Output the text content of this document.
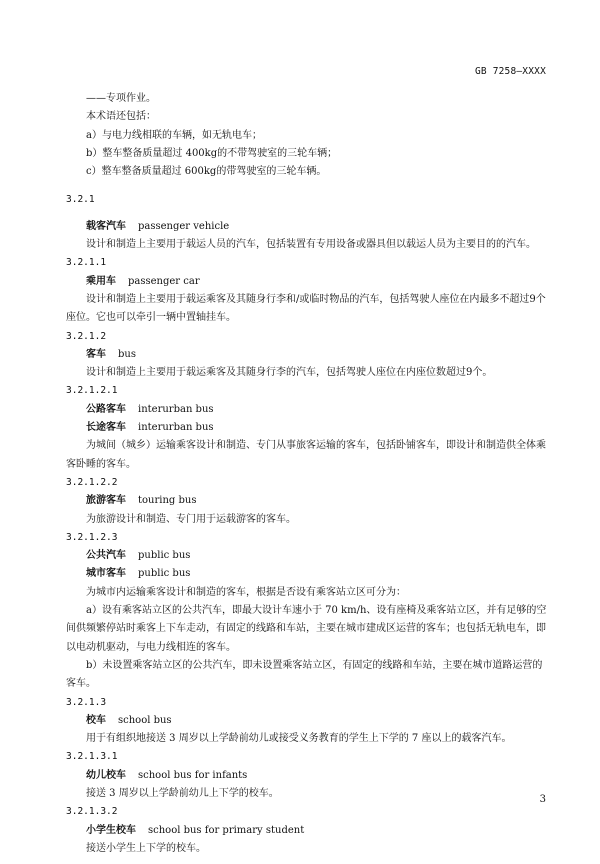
GB 7258—XXXX
——专项作业。
本术语还包括：
a）与电力线相联的车辆，如无轨电车；
b）整车整备质量超过 400kg的不带驾驶室的三轮车辆；
c）整车整备质量超过 600kg的带驾驶室的三轮车辆。
3.2.1
载客汽车 passenger vehicle
设计和制造上主要用于载运人员的汽车，包括装置有专用设备或器具但以载运人员为主要目的的汽车。
3.2.1.1
乘用车 passenger car
设计和制造上主要用于载运乘客及其随身行李和/或临时物品的汽车，包括驾驶人座位在内最多不超过9个座位。它也可以牵引一辆中置轴挂车。
3.2.1.2
客车 bus
设计和制造上主要用于载运乘客及其随身行李的汽车，包括驾驶人座位在内座位数超过9个。
3.2.1.2.1
公路客车 interurban bus
长途客车 interurban bus
为城间（城乡）运输乘客设计和制造、专门从事旅客运输的客车，包括卧铺客车，即设计和制造供全体乘客卧睡的客车。
3.2.1.2.2
旅游客车 touring bus
为旅游设计和制造、专门用于运载游客的客车。
3.2.1.2.3
公共汽车 public bus
城市客车 public bus
为城市内运输乘客设计和制造的客车，根据是否设有乘客站立区可分为：
a）设有乘客站立区的公共汽车，即最大设计车速小于 70 km/h、设有座椅及乘客站立区，并有足够的空间供频繁停站时乘客上下车走动，有固定的线路和车站，主要在城市建成区运营的客车；也包括无轨电车，即以电动机驱动，与电力线相连的客车。
b）未设置乘客站立区的公共汽车，即未设置乘客站立区，有固定的线路和车站，主要在城市道路运营的客车。
3.2.1.3
校车 school bus
用于有组织地接送 3 周岁以上学龄前幼儿或接受义务教育的学生上下学的 7 座以上的载客汽车。
3.2.1.3.1
幼儿校车 school bus for infants
接送 3 周岁以上学龄前幼儿上下学的校车。
3.2.1.3.2
小学生校车 school bus for primary student
接送小学生上下学的校车。
3
